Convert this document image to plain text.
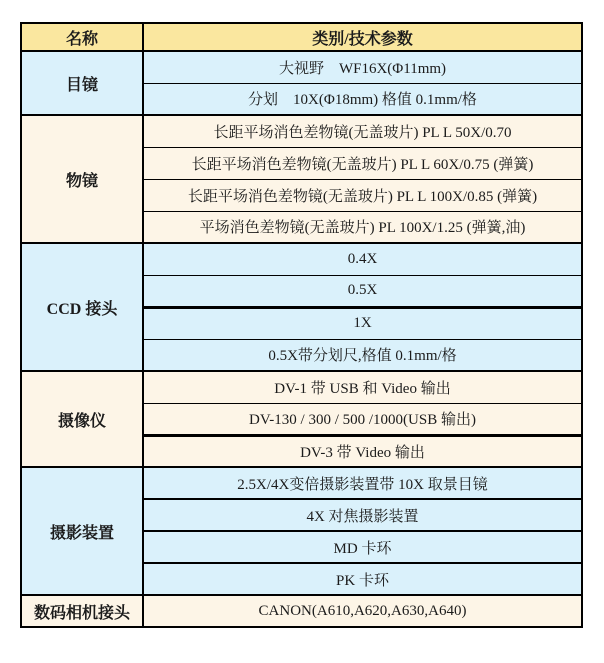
名称	类别/技术参数
目镜	大视野　WF16X(Φ11mm)
	分划　10X(Φ18mm) 格值 0.1mm/格
物镜	长距平场消色差物镜(无盖玻片) PL L 50X/0.70
	长距平场消色差物镜(无盖玻片) PL L 60X/0.75 (弹簧)
	长距平场消色差物镜(无盖玻片) PL L 100X/0.85 (弹簧)
	平场消色差物镜(无盖玻片) PL 100X/1.25 (弹簧,油)
CCD 接头	0.4X
	0.5X
	1X
	0.5X带分划尺,格值 0.1mm/格
摄像仪	DV-1 带 USB 和 Video 输出
	DV-130 / 300 / 500 /1000(USB 输出)
	DV-3 带 Video 输出
摄影装置	2.5X/4X变倍摄影装置带 10X 取景目镜
	4X 对焦摄影装置
	MD 卡环
	PK 卡环
数码相机接头	CANON(A610,A620,A630,A640)
